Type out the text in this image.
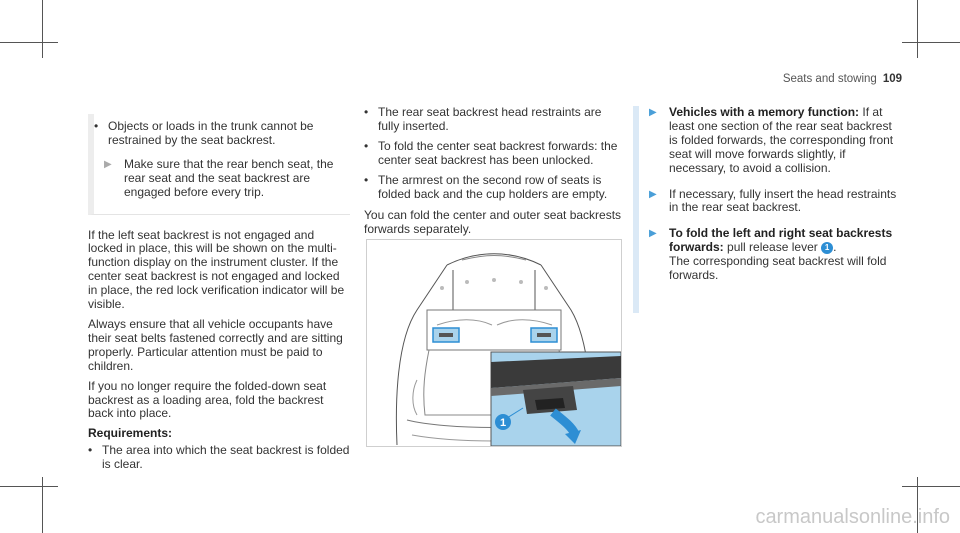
Seats and stowing 109
• Objects or loads in the trunk cannot be restrained by the seat backrest.
▶ Make sure that the rear bench seat, the rear seat and the seat backrest are engaged before every trip.

If the left seat backrest is not engaged and locked in place, this will be shown on the multi-function display on the instrument cluster. If the center seat backrest is not engaged and locked in place, the red lock verification indicator will be visible.

Always ensure that all vehicle occupants have their seat belts fastened correctly and are sitting properly. Particular attention must be paid to children.

If you no longer require the folded-down seat backrest as a loading area, fold the backrest back into place.

Requirements:

• The area into which the seat backrest is folded is clear.
• The rear seat backrest head restraints are fully inserted.
• To fold the center seat backrest forwards: the center seat backrest has been unlocked.
• The armrest on the second row of seats is folded back and the cup holders are empty.

You can fold the center and outer seat backrests forwards separately.

1
▶ Vehicles with a memory function: If at least one section of the rear seat backrest is folded forwards, the corresponding front seat will move forwards slightly, if necessary, to avoid a collision.
▶ If necessary, fully insert the head restraints in the rear seat backrest.
▶ To fold the left and right seat backrests forwards: pull release lever 1 .
The corresponding seat backrest will fold forwards.
carmanualsonline.info
